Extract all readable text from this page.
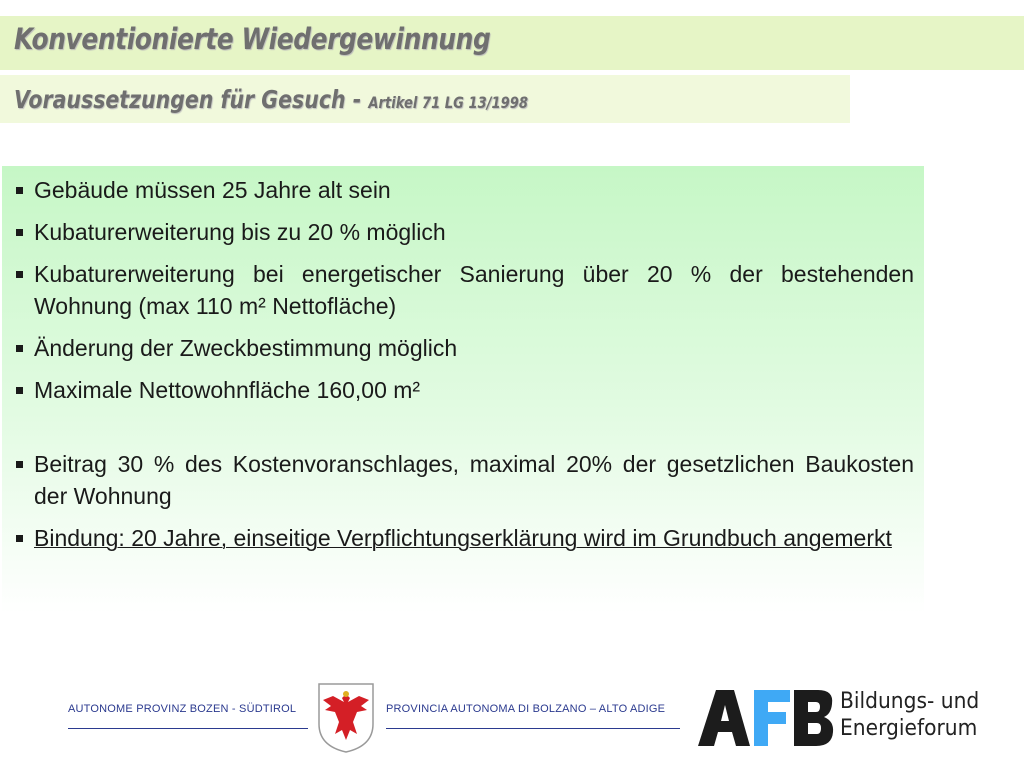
Konventionierte Wiedergewinnung
Voraussetzungen für Gesuch - Artikel 71 LG 13/1998
Gebäude müssen 25 Jahre alt sein
Kubaturerweiterung bis zu 20 % möglich
Kubaturerweiterung bei energetischer Sanierung über 20 % der bestehenden Wohnung (max 110 m² Nettofläche)
Änderung der Zweckbestimmung möglich
Maximale Nettowohnfläche 160,00 m²
Beitrag 30 % des Kostenvoranschlages, maximal 20% der gesetzlichen Baukosten der Wohnung
Bindung: 20 Jahre, einseitige Verpflichtungserklärung wird im Grundbuch angemerkt
AUTONOME PROVINZ BOZEN - SÜDTIROL	PROVINCIA AUTONOMA DI BOLZANO – ALTO ADIGE	Bildungs- und
Energieforum
